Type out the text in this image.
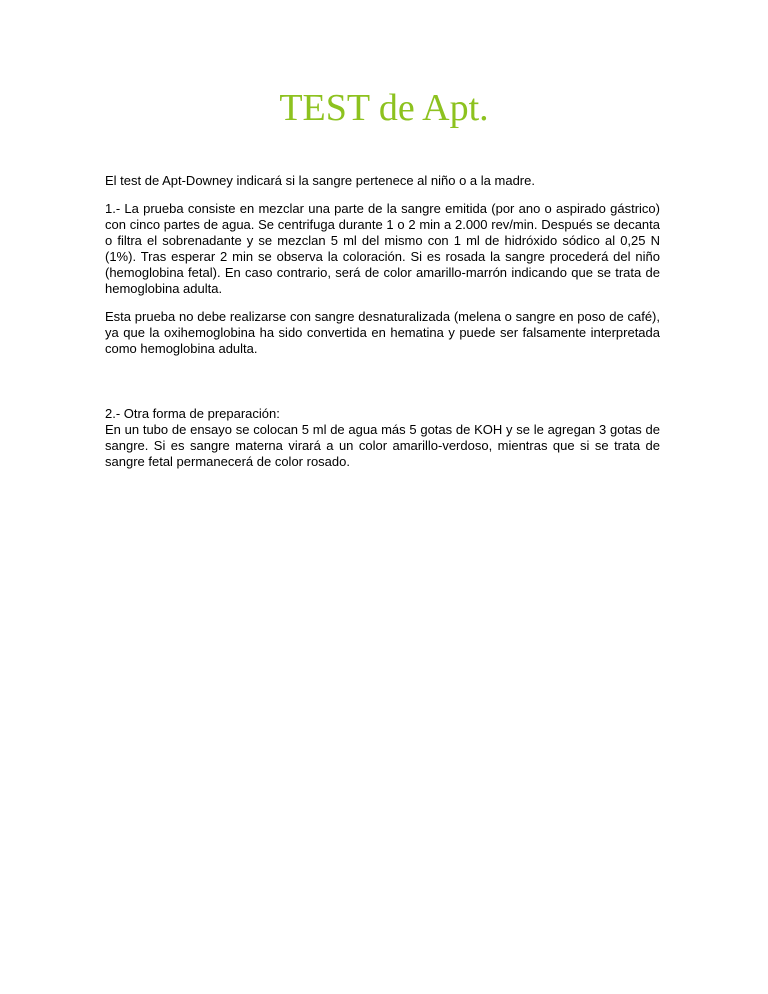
TEST de Apt.

El test de Apt-Downey indicará si la sangre pertenece al niño o a la madre.

1.- La prueba consiste en mezclar una parte de la sangre emitida (por ano o aspirado gástrico) con cinco partes de agua. Se centrifuga durante 1 o 2 min a 2.000 rev/min. Después se decanta o filtra el sobrenadante y se mezclan 5 ml del mismo con 1 ml de hidróxido sódico al 0,25 N (1%). Tras esperar 2 min se observa la coloración. Si es rosada la sangre procederá del niño (hemoglobina fetal). En caso contrario, será de color amarillo-marrón indicando que se trata de hemoglobina adulta.

Esta prueba no debe realizarse con sangre desnaturalizada (melena o sangre en poso de café), ya que la oxihemoglobina ha sido convertida en hematina y puede ser falsamente interpretada como hemoglobina adulta.

2.- Otra forma de preparación:
En un tubo de ensayo se colocan 5 ml de agua más 5 gotas de KOH y se le agregan 3 gotas de sangre. Si es sangre materna virará a un color amarillo-verdoso, mientras que si se trata de sangre fetal permanecerá de color rosado.
